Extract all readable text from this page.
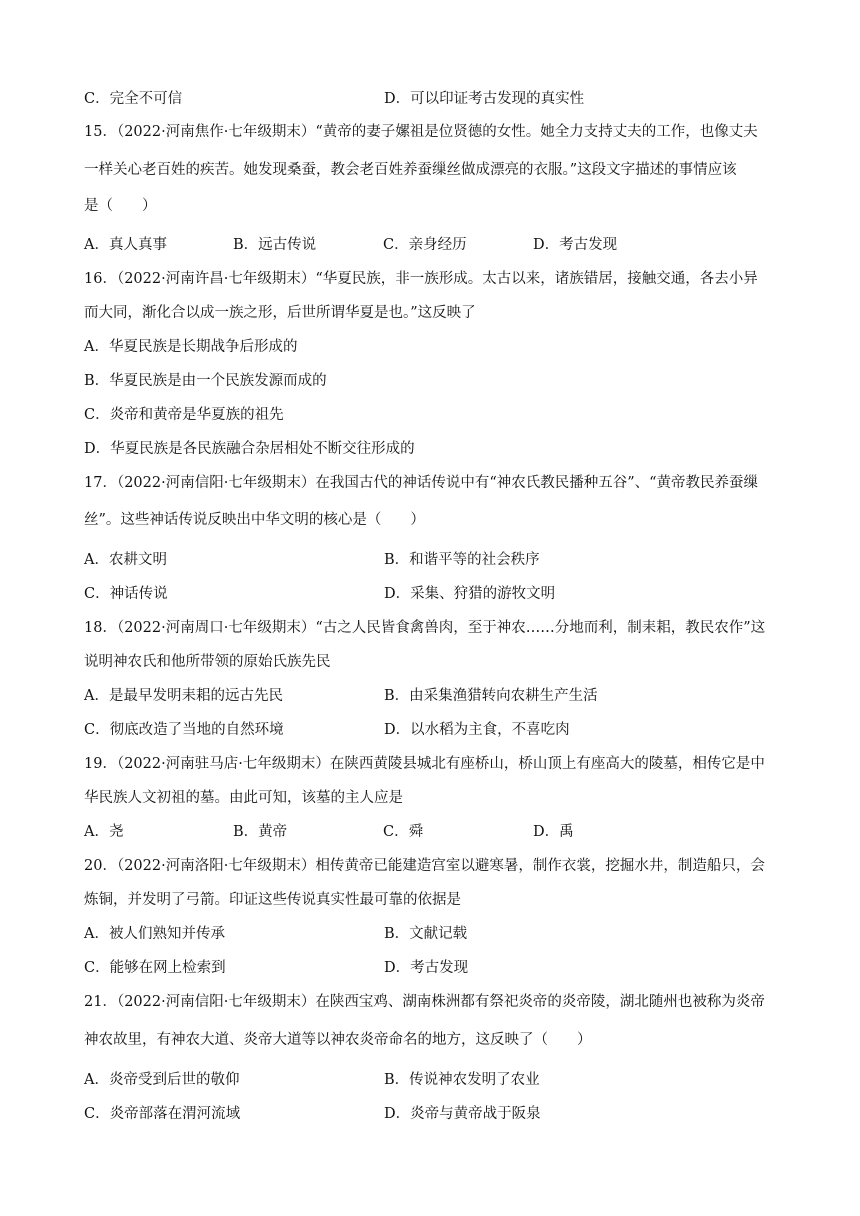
C．完全不可信	D．可以印证考古发现的真实性
15．（2022·河南焦作·七年级期末）“黄帝的妻子嫘祖是位贤德的女性。她全力支持丈夫的工作，也像丈夫
一样关心老百姓的疾苦。她发现桑蚕，教会老百姓养蚕缫丝做成漂亮的衣服。”这段文字描述的事情应该
是（　　）
A．真人真事	B．远古传说	C．亲身经历	D．考古发现
16．（2022·河南许昌·七年级期末）“华夏民族，非一族形成。太古以来，诸族错居，接触交通，各去小异
而大同，渐化合以成一族之形，后世所谓华夏是也。”这反映了
A．华夏民族是长期战争后形成的
B．华夏民族是由一个民族发源而成的
C．炎帝和黄帝是华夏族的祖先
D．华夏民族是各民族融合杂居相处不断交往形成的
17．（2022·河南信阳·七年级期末）在我国古代的神话传说中有“神农氏教民播种五谷”、“黄帝教民养蚕缫
丝”。这些神话传说反映出中华文明的核心是（　　）
A．农耕文明	B．和谐平等的社会秩序
C．神话传说	D．采集、狩猎的游牧文明
18．（2022·河南周口·七年级期末）“古之人民皆食禽兽肉，至于神农……分地而利，制耒耜，教民农作”这
说明神农氏和他所带领的原始氏族先民
A．是最早发明耒耜的远古先民	B．由采集渔猎转向农耕生产生活
C．彻底改造了当地的自然环境	D．以水稻为主食，不喜吃肉
19．（2022·河南驻马店·七年级期末）在陕西黄陵县城北有座桥山，桥山顶上有座高大的陵墓，相传它是中
华民族人文初祖的墓。由此可知，该墓的主人应是
A．尧	B．黄帝	C．舜	D．禹
20．（2022·河南洛阳·七年级期末）相传黄帝已能建造宫室以避寒暑，制作衣裳，挖掘水井，制造船只，会
炼铜，并发明了弓箭。印证这些传说真实性最可靠的依据是
A．被人们熟知并传承	B．文献记载
C．能够在网上检索到	D．考古发现
21．（2022·河南信阳·七年级期末）在陕西宝鸡、湖南株洲都有祭祀炎帝的炎帝陵，湖北随州也被称为炎帝
神农故里，有神农大道、炎帝大道等以神农炎帝命名的地方，这反映了（　　）
A．炎帝受到后世的敬仰	B．传说神农发明了农业
C．炎帝部落在渭河流域	D．炎帝与黄帝战于阪泉
